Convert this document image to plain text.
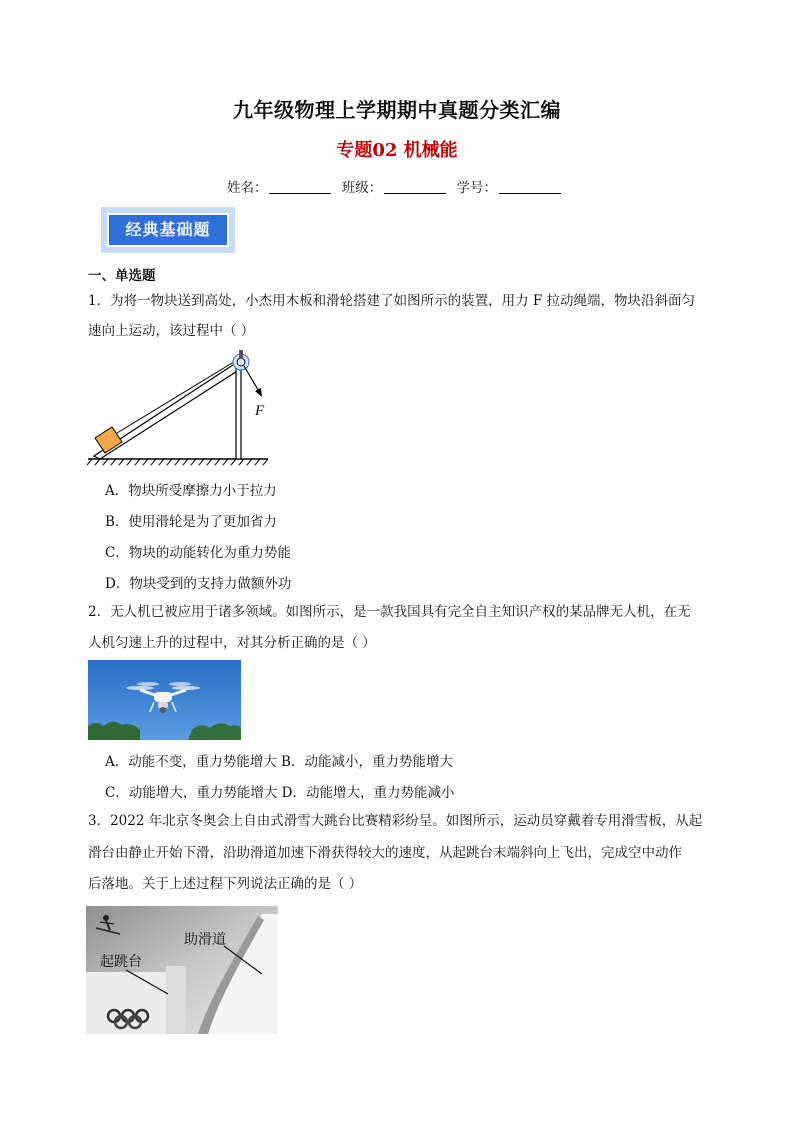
九年级物理上学期期中真题分类汇编
专题02 机械能
姓名：	班级：	学号：
经典基础题
一、单选题
1．为将一物块送到高处，小杰用木板和滑轮搭建了如图所示的装置，用力 F 拉动绳端，物块沿斜面匀
速向上运动，该过程中（ ）
F
A．物块所受摩擦力小于拉力
B．使用滑轮是为了更加省力
C．物块的动能转化为重力势能
D．物块受到的支持力做额外功
2．无人机已被应用于诸多领域。如图所示，是一款我国具有完全自主知识产权的某品牌无人机，在无
人机匀速上升的过程中，对其分析正确的是（ ）
A．动能不变，重力势能增大 B．动能减小，重力势能增大
C．动能增大，重力势能增大 D．动能增大，重力势能减小
3．2022 年北京冬奥会上自由式滑雪大跳台比赛精彩纷呈。如图所示，运动员穿戴着专用滑雪板，从起
滑台由静止开始下滑，沿助滑道加速下滑获得较大的速度，从起跳台末端斜向上飞出，完成空中动作
后落地。关于上述过程下列说法正确的是（ ）
助滑道
起跳台
